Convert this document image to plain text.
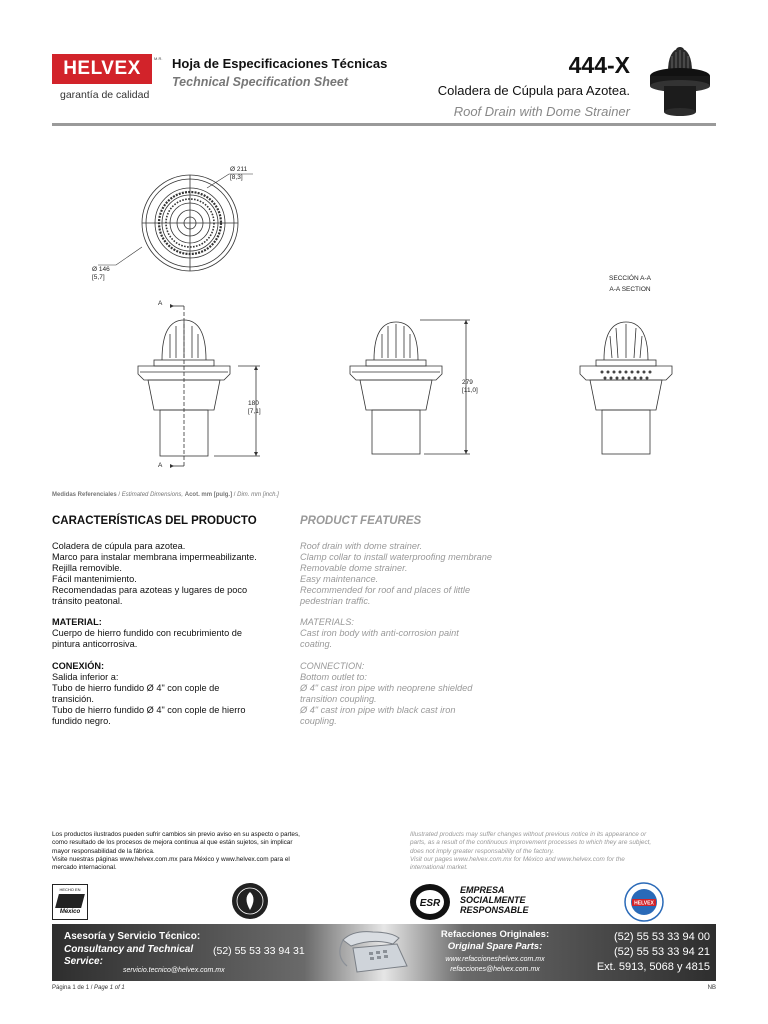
HELVEX	M.R.
garantía de calidad
Hoja de Especificaciones Técnicas
Technical Specification Sheet
444-X
Coladera de Cúpula para Azotea.
Roof Drain with Dome Strainer
Ø 211
[8,3]
Ø 146
[5,7]
A
A
180
[7,1]
279
[11,0]
SECCIÓN A-A
A-A SECTION
Medidas Referenciales / Estimated Dimensions, Acot. mm [pulg.] / Dim. mm [inch.]
CARACTERÍSTICAS DEL PRODUCTO	PRODUCT FEATURES
Coladera de cúpula para azotea.
Marco para instalar membrana impermeabilizante.
Rejilla removible.
Fácil mantenimiento.
Recomendadas para azoteas y lugares de poco
tránsito peatonal.
Roof drain with dome strainer.
Clamp collar to install waterproofing membrane
Removable dome strainer.
Easy maintenance.
Recommended for roof and places of little
pedestrian traffic.
MATERIAL:
Cuerpo de hierro fundido con recubrimiento de
pintura anticorrosiva.
MATERIALS:
Cast iron body with anti-corrosion paint
coating.
CONEXIÓN:
Salida inferior a:
Tubo de hierro fundido Ø 4" con cople de
transición.
Tubo de hierro fundido Ø 4" con cople de hierro
fundido negro.
CONNECTION:
Bottom outlet to:
Ø 4" cast iron pipe with neoprene shielded
transition coupling.
Ø 4" cast iron pipe with black cast iron
coupling.
Los productos ilustrados pueden sufrir cambios sin previo aviso en su aspecto o partes,
como resultado de los procesos de mejora continua al que están sujetos, sin implicar
mayor responsabilidad de la fábrica.
Visite nuestras páginas www.helvex.com.mx para México y www.helvex.com para el
mercado internacional.
Illustrated products may suffer changes without previous notice in its appearance or
parts, as a result of the continuous improvement processes to which they are subject,
does not imply greater responsability of the factory.
Visit our pages www.helvex.com.mx for México and www.helvex.com for the
international market.
HECHO EN
México
ESR
EMPRESA
SOCIALMENTE
RESPONSABLE
HELVEX
Asesoría y Servicio Técnico:
Consultancy and Technical
Service:
(52) 55 53 33 94 31
servicio.tecnico@helvex.com.mx
Refacciones Originales:
Original Spare Parts:
www.refaccioneshelvex.com.mx
refacciones@helvex.com.mx
(52) 55 53 33 94 00
(52) 55 53 33 94 21
Ext. 5913, 5068 y 4815
Página 1 de 1 / Page 1 of 1	NB
